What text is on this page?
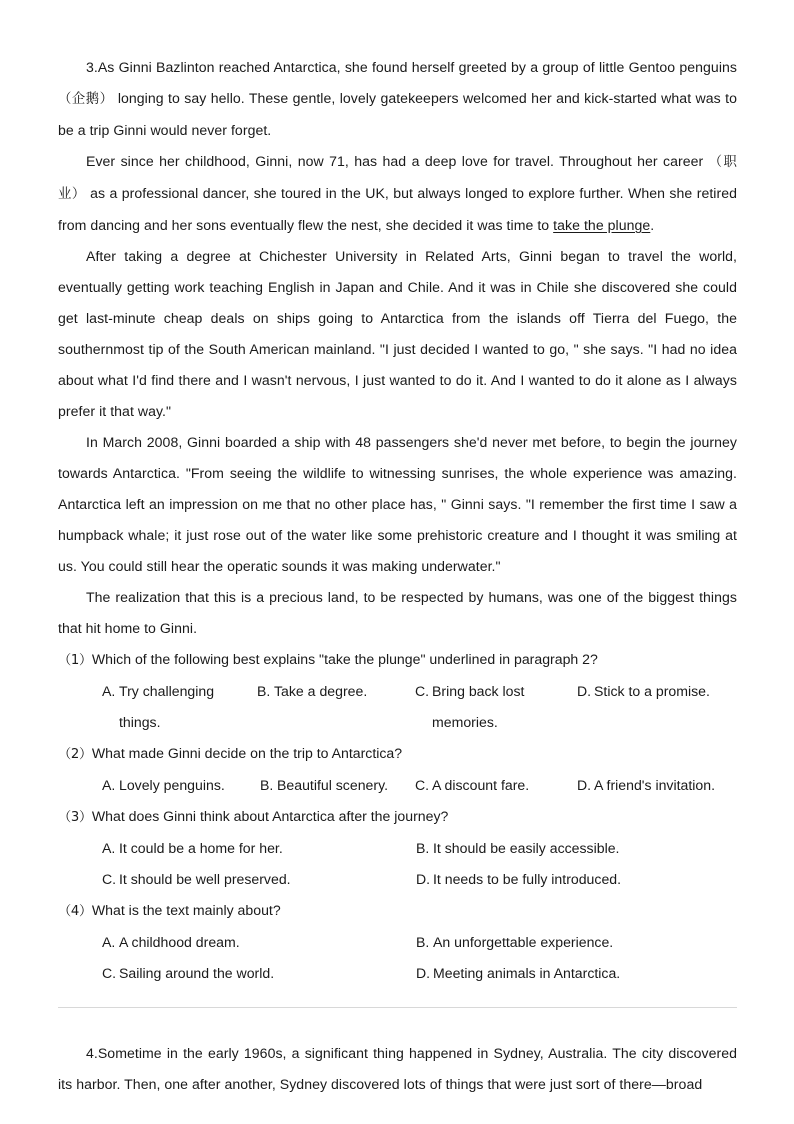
3.As Ginni Bazlinton reached Antarctica, she found herself greeted by a group of little Gentoo penguins （企鹅） longing to say hello. These gentle, lovely gatekeepers welcomed her and kick-started what was to be a trip Ginni would never forget.

Ever since her childhood, Ginni, now 71, has had a deep love for travel. Throughout her career （职业） as a professional dancer, she toured in the UK, but always longed to explore further. When she retired from dancing and her sons eventually flew the nest, she decided it was time to take the plunge.

After taking a degree at Chichester University in Related Arts, Ginni began to travel the world, eventually getting work teaching English in Japan and Chile. And it was in Chile she discovered she could get last-minute cheap deals on ships going to Antarctica from the islands off Tierra del Fuego, the southernmost tip of the South American mainland. "I just decided I wanted to go, " she says. "I had no idea about what I'd find there and I wasn't nervous, I just wanted to do it. And I wanted to do it alone as I always prefer it that way."

In March 2008, Ginni boarded a ship with 48 passengers she'd never met before, to begin the journey towards Antarctica. "From seeing the wildlife to witnessing sunrises, the whole experience was amazing. Antarctica left an impression on me that no other place has, " Ginni says. "I remember the first time I saw a humpback whale; it just rose out of the water like some prehistoric creature and I thought it was smiling at us. You could still hear the operatic sounds it was making underwater."

The realization that this is a precious land, to be respected by humans, was one of the biggest things that hit home to Ginni.

（1）Which of the following best explains "take the plunge" underlined in paragraph 2?
A. Try challenging	B. Take a degree.	C. Bring back lost	D. Stick to a promise.
things.	memories.
（2）What made Ginni decide on the trip to Antarctica?
A. Lovely penguins. B. Beautiful scenery. C. A discount fare.	D. A friend's invitation.
（3）What does Ginni think about Antarctica after the journey?
A. It could be a home for her.	B. It should be easily accessible.
C. It should be well preserved.	D. It needs to be fully introduced.
（4）What is the text mainly about?
A. A childhood dream.	B. An unforgettable experience.
C. Sailing around the world.	D. Meeting animals in Antarctica.

4.Sometime in the early 1960s, a significant thing happened in Sydney, Australia. The city discovered its harbor. Then, one after another, Sydney discovered lots of things that were just sort of there—broad
